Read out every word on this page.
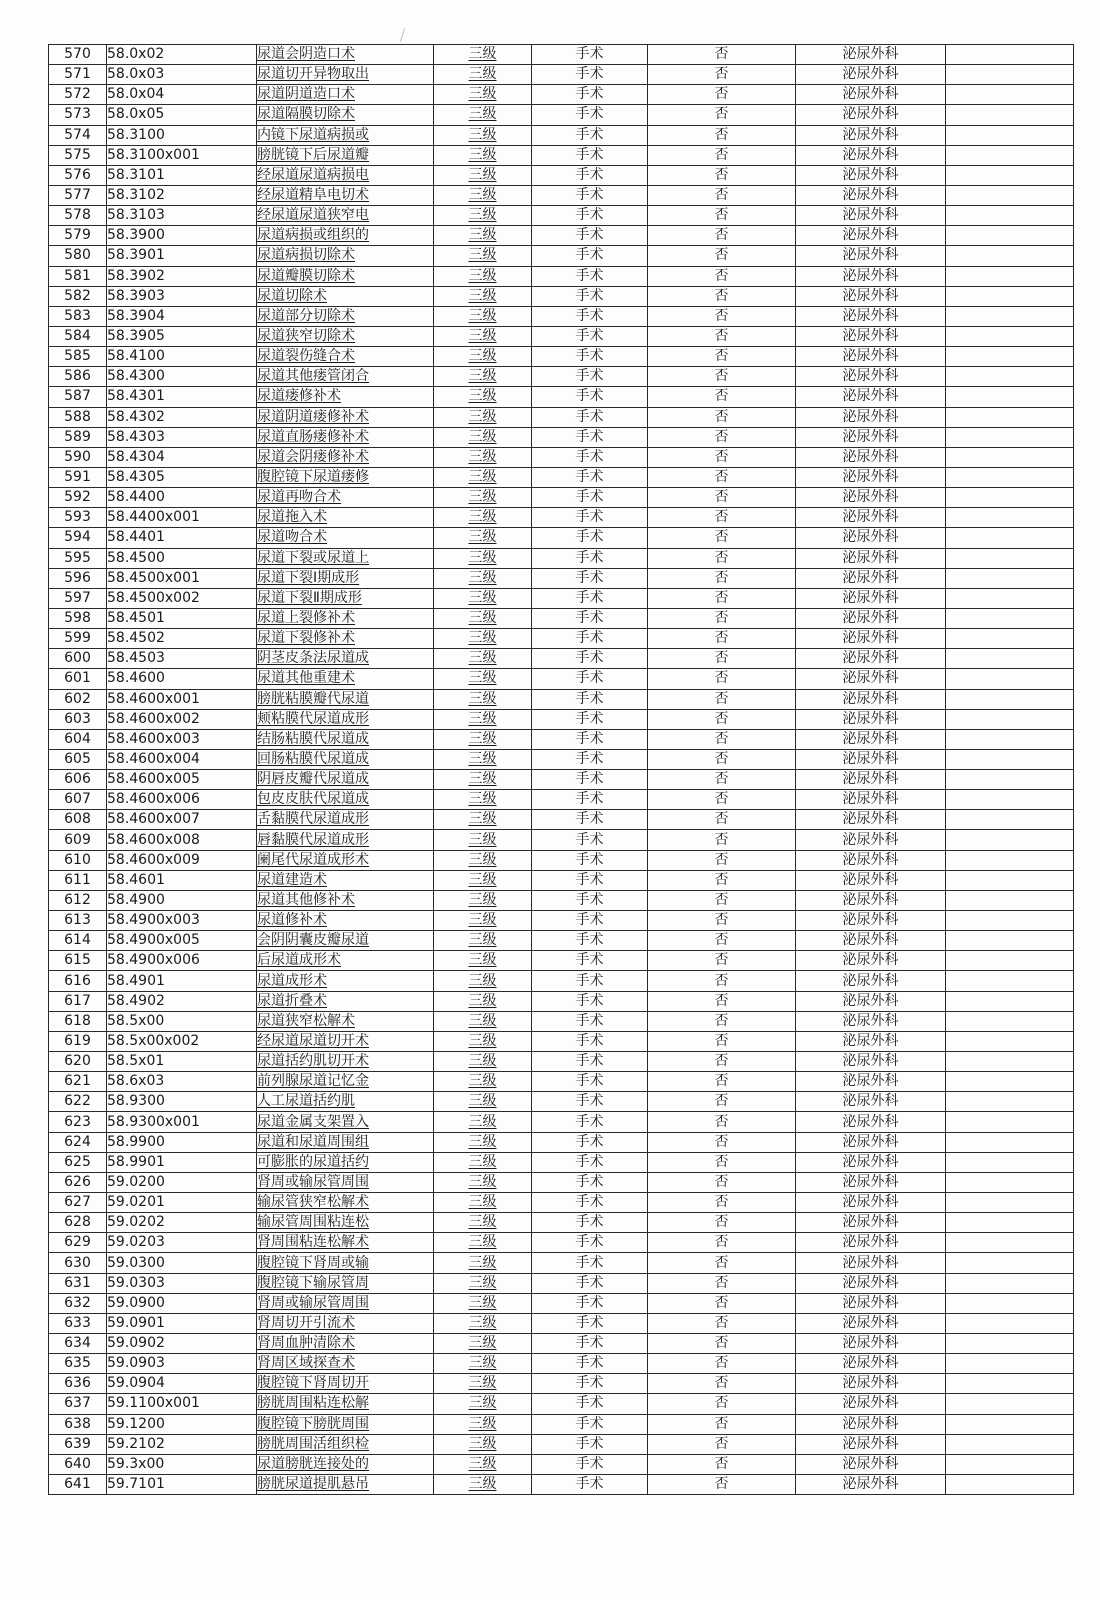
570	58.0x02	尿道会阴造口术	三级	手术	否	泌尿外科	
571	58.0x03	尿道切开异物取出	三级	手术	否	泌尿外科	
572	58.0x04	尿道阴道造口术	三级	手术	否	泌尿外科	
573	58.0x05	尿道隔膜切除术	三级	手术	否	泌尿外科	
574	58.3100	内镜下尿道病损或	三级	手术	否	泌尿外科	
575	58.3100x001	膀胱镜下后尿道瓣	三级	手术	否	泌尿外科	
576	58.3101	经尿道尿道病损电	三级	手术	否	泌尿外科	
577	58.3102	经尿道精阜电切术	三级	手术	否	泌尿外科	
578	58.3103	经尿道尿道狭窄电	三级	手术	否	泌尿外科	
579	58.3900	尿道病损或组织的	三级	手术	否	泌尿外科	
580	58.3901	尿道病损切除术	三级	手术	否	泌尿外科	
581	58.3902	尿道瓣膜切除术	三级	手术	否	泌尿外科	
582	58.3903	尿道切除术	三级	手术	否	泌尿外科	
583	58.3904	尿道部分切除术	三级	手术	否	泌尿外科	
584	58.3905	尿道狭窄切除术	三级	手术	否	泌尿外科	
585	58.4100	尿道裂伤缝合术	三级	手术	否	泌尿外科	
586	58.4300	尿道其他瘘管闭合	三级	手术	否	泌尿外科	
587	58.4301	尿道瘘修补术	三级	手术	否	泌尿外科	
588	58.4302	尿道阴道瘘修补术	三级	手术	否	泌尿外科	
589	58.4303	尿道直肠瘘修补术	三级	手术	否	泌尿外科	
590	58.4304	尿道会阴瘘修补术	三级	手术	否	泌尿外科	
591	58.4305	腹腔镜下尿道瘘修	三级	手术	否	泌尿外科	
592	58.4400	尿道再吻合术	三级	手术	否	泌尿外科	
593	58.4400x001	尿道拖入术	三级	手术	否	泌尿外科	
594	58.4401	尿道吻合术	三级	手术	否	泌尿外科	
595	58.4500	尿道下裂或尿道上	三级	手术	否	泌尿外科	
596	58.4500x001	尿道下裂Ⅰ期成形	三级	手术	否	泌尿外科	
597	58.4500x002	尿道下裂Ⅱ期成形	三级	手术	否	泌尿外科	
598	58.4501	尿道上裂修补术	三级	手术	否	泌尿外科	
599	58.4502	尿道下裂修补术	三级	手术	否	泌尿外科	
600	58.4503	阴茎皮条法尿道成	三级	手术	否	泌尿外科	
601	58.4600	尿道其他重建术	三级	手术	否	泌尿外科	
602	58.4600x001	膀胱粘膜瓣代尿道	三级	手术	否	泌尿外科	
603	58.4600x002	颊粘膜代尿道成形	三级	手术	否	泌尿外科	
604	58.4600x003	结肠粘膜代尿道成	三级	手术	否	泌尿外科	
605	58.4600x004	回肠粘膜代尿道成	三级	手术	否	泌尿外科	
606	58.4600x005	阴唇皮瓣代尿道成	三级	手术	否	泌尿外科	
607	58.4600x006	包皮皮肤代尿道成	三级	手术	否	泌尿外科	
608	58.4600x007	舌黏膜代尿道成形	三级	手术	否	泌尿外科	
609	58.4600x008	唇黏膜代尿道成形	三级	手术	否	泌尿外科	
610	58.4600x009	阑尾代尿道成形术	三级	手术	否	泌尿外科	
611	58.4601	尿道建造术	三级	手术	否	泌尿外科	
612	58.4900	尿道其他修补术	三级	手术	否	泌尿外科	
613	58.4900x003	尿道修补术	三级	手术	否	泌尿外科	
614	58.4900x005	会阴阴囊皮瓣尿道	三级	手术	否	泌尿外科	
615	58.4900x006	后尿道成形术	三级	手术	否	泌尿外科	
616	58.4901	尿道成形术	三级	手术	否	泌尿外科	
617	58.4902	尿道折叠术	三级	手术	否	泌尿外科	
618	58.5x00	尿道狭窄松解术	三级	手术	否	泌尿外科	
619	58.5x00x002	经尿道尿道切开术	三级	手术	否	泌尿外科	
620	58.5x01	尿道括约肌切开术	三级	手术	否	泌尿外科	
621	58.6x03	前列腺尿道记忆金	三级	手术	否	泌尿外科	
622	58.9300	人工尿道括约肌	三级	手术	否	泌尿外科	
623	58.9300x001	尿道金属支架置入	三级	手术	否	泌尿外科	
624	58.9900	尿道和尿道周围组	三级	手术	否	泌尿外科	
625	58.9901	可膨胀的尿道括约	三级	手术	否	泌尿外科	
626	59.0200	肾周或输尿管周围	三级	手术	否	泌尿外科	
627	59.0201	输尿管狭窄松解术	三级	手术	否	泌尿外科	
628	59.0202	输尿管周围粘连松	三级	手术	否	泌尿外科	
629	59.0203	肾周围粘连松解术	三级	手术	否	泌尿外科	
630	59.0300	腹腔镜下肾周或输	三级	手术	否	泌尿外科	
631	59.0303	腹腔镜下输尿管周	三级	手术	否	泌尿外科	
632	59.0900	肾周或输尿管周围	三级	手术	否	泌尿外科	
633	59.0901	肾周切开引流术	三级	手术	否	泌尿外科	
634	59.0902	肾周血肿清除术	三级	手术	否	泌尿外科	
635	59.0903	肾周区域探查术	三级	手术	否	泌尿外科	
636	59.0904	腹腔镜下肾周切开	三级	手术	否	泌尿外科	
637	59.1100x001	膀胱周围粘连松解	三级	手术	否	泌尿外科	
638	59.1200	腹腔镜下膀胱周围	三级	手术	否	泌尿外科	
639	59.2102	膀胱周围活组织检	三级	手术	否	泌尿外科	
640	59.3x00	尿道膀胱连接处的	三级	手术	否	泌尿外科	
641	59.7101	膀胱尿道提肌悬吊	三级	手术	否	泌尿外科	
